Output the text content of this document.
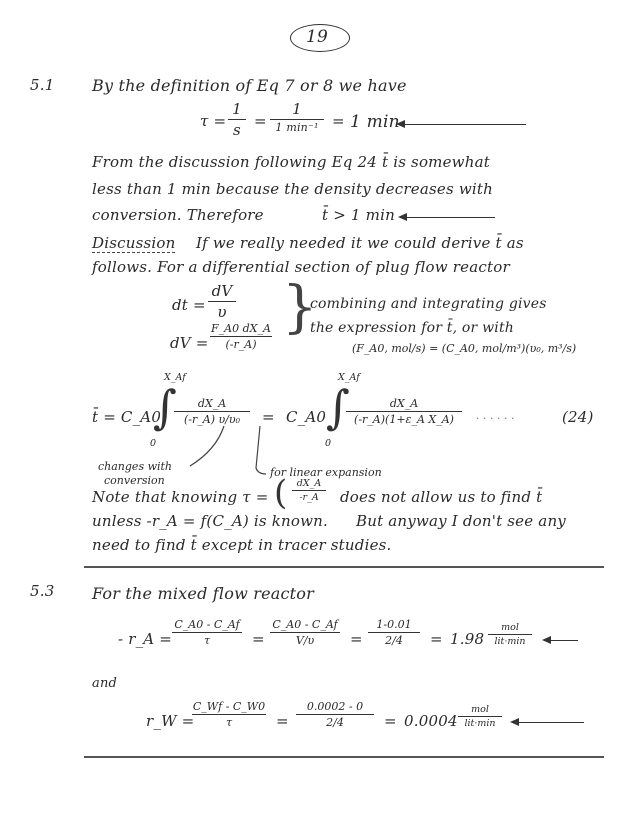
19
5.1 By the definition of Eq 7 or 8 we have
τ =
1
s =
1
1 min⁻¹ = 1 min
From the discussion following Eq 24 t̄ is somewhat
less than 1 min because the density decreases with
conversion. Therefore	t̄ > 1 min
Discussion If we really needed it we could derive t̄ as
follows. For a differential section of plug flow reactor
dt =
dV
υ
dV =
F_A0 dX_A
(-r_A)
}
combining and integrating gives
the expression for t̄, or with
(F_A0, mol/s) = (C_A0, mol/m³)(υ₀, m³/s)
t̄ = C_A0
∫
X_Af
0
dX_A
(-r_A) υ/υ₀	= C_A0 ∫
X_Af
0
dX_A
(-r_A)(1+ε_A X_A)	· · · · · ·	(24)
changes with
conversion
for linear expansion
Note that knowing τ = (	dX_A
-r_A	does not allow us to find t̄
unless -r_A = f(C_A) is known. But anyway I don't see any
need to find t̄ except in tracer studies.
5.3 For the mixed flow reactor
- r_A =
C_A0 - C_Af
τ	=
C_A0 - C_Af
V/υ	=
1-0.01
2/4	= 1.98
mol
lit·min
and
r_W =
C_Wf - C_W0
τ	=
0.0002 - 0
2/4	= 0.0004
mol
lit·min
